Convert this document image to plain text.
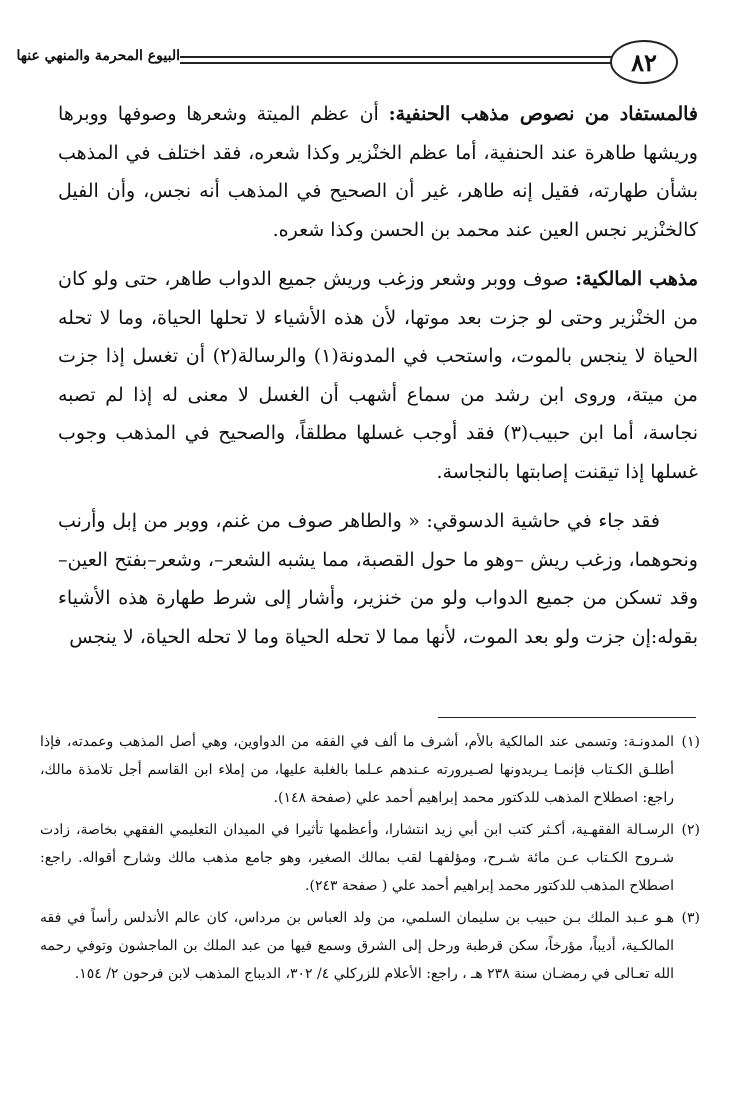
البيوع المحرمة والمنهي عنها	٨٢

فالمستفاد من نصوص مذهب الحنفية: أن عظم الميتة وشعرها وصوفها ووبرها وريشها طاهرة عند الحنفية، أما عظم الخنْزير وكذا شعره، فقد اختلف في المذهب بشأن طهارته، فقيل إنه طاهر، غير أن الصحيح في المذهب أنه نجس، وأن الفيل كالخنْزير نجس العين عند محمد بن الحسن وكذا شعره.

مذهب المالكية: صوف ووبر وشعر وزغب وريش جميع الدواب طاهر، حتى ولو كان من الخنْزير وحتى لو جزت بعد موتها، لأن هذه الأشياء لا تحلها الحياة، وما لا تحله الحياة لا ينجس بالموت، واستحب في المدونة(١) والرسالة(٢) أن تغسل إذا جزت من ميتة، وروى ابن رشد من سماع أشهب أن الغسل لا معنى له إذا لم تصبه نجاسة، أما ابن حبيب(٣) فقد أوجب غسلها مطلقاً، والصحيح في المذهب وجوب غسلها إذا تيقنت إصابتها بالنجاسة.

فقد جاء في حاشية الدسوقي: « والطاهر صوف من غنم، ووبر من إبل وأرنب ونحوهما، وزغب ريش –وهو ما حول القصبة، مما يشبه الشعر–، وشعر–بفتح العين– وقد تسكن من جميع الدواب ولو من خنزير، وأشار إلى شرط طهارة هذه الأشياء بقوله:إن جزت ولو بعد الموت، لأنها مما لا تحله الحياة وما لا تحله الحياة، لا ينجس

(١)المدونـة: وتسمى عند المالكية بالأم، أشرف ما ألف في الفقه من الدواوين، وهي أصل المذهب وعمدته، فإذا أطلـق الكـتاب فإنمـا يـريدونها لصـيرورته عـندهم عـلما بالغلبة عليها، من إملاء ابن القاسم أجل تلامذة مالك، راجع: اصطلاح المذهب للدكتور محمد إبراهيم أحمد علي (صفحة ١٤٨).

(٢)الرسـالة الفقهـية، أكـثر كتب ابن أبي زيد انتشارا، وأعظمها تأثيرا في الميدان التعليمي الفقهي بخاصة، زادت شـروح الكـتاب عـن مائة شـرح، ومؤلفهـا لقب بمالك الصغير، وهو جامع مذهب مالك وشارح أقواله. راجع: اصطلاح المذهب للدكتور محمد إبراهيم أحمد علي ( صفحة ٢٤٣).

(٣)هـو عـبد الملك بـن حبيب بن سليمان السلمي، من ولد العباس بن مرداس، كان عالم الأندلس رأساً في فقه المالكـية، أديباً، مؤرخاً، سكن قرطبة ورحل إلى الشرق وسمع فيها من عبد الملك بن الماجشون وتوفي رحمه الله تعـالى في رمضـان سنة ٢٣٨ هـ ، راجع: الأعلام للزركلي ٤/ ٣٠٢، الديباج المذهب لابن فرحون ٢/ ١٥٤.
